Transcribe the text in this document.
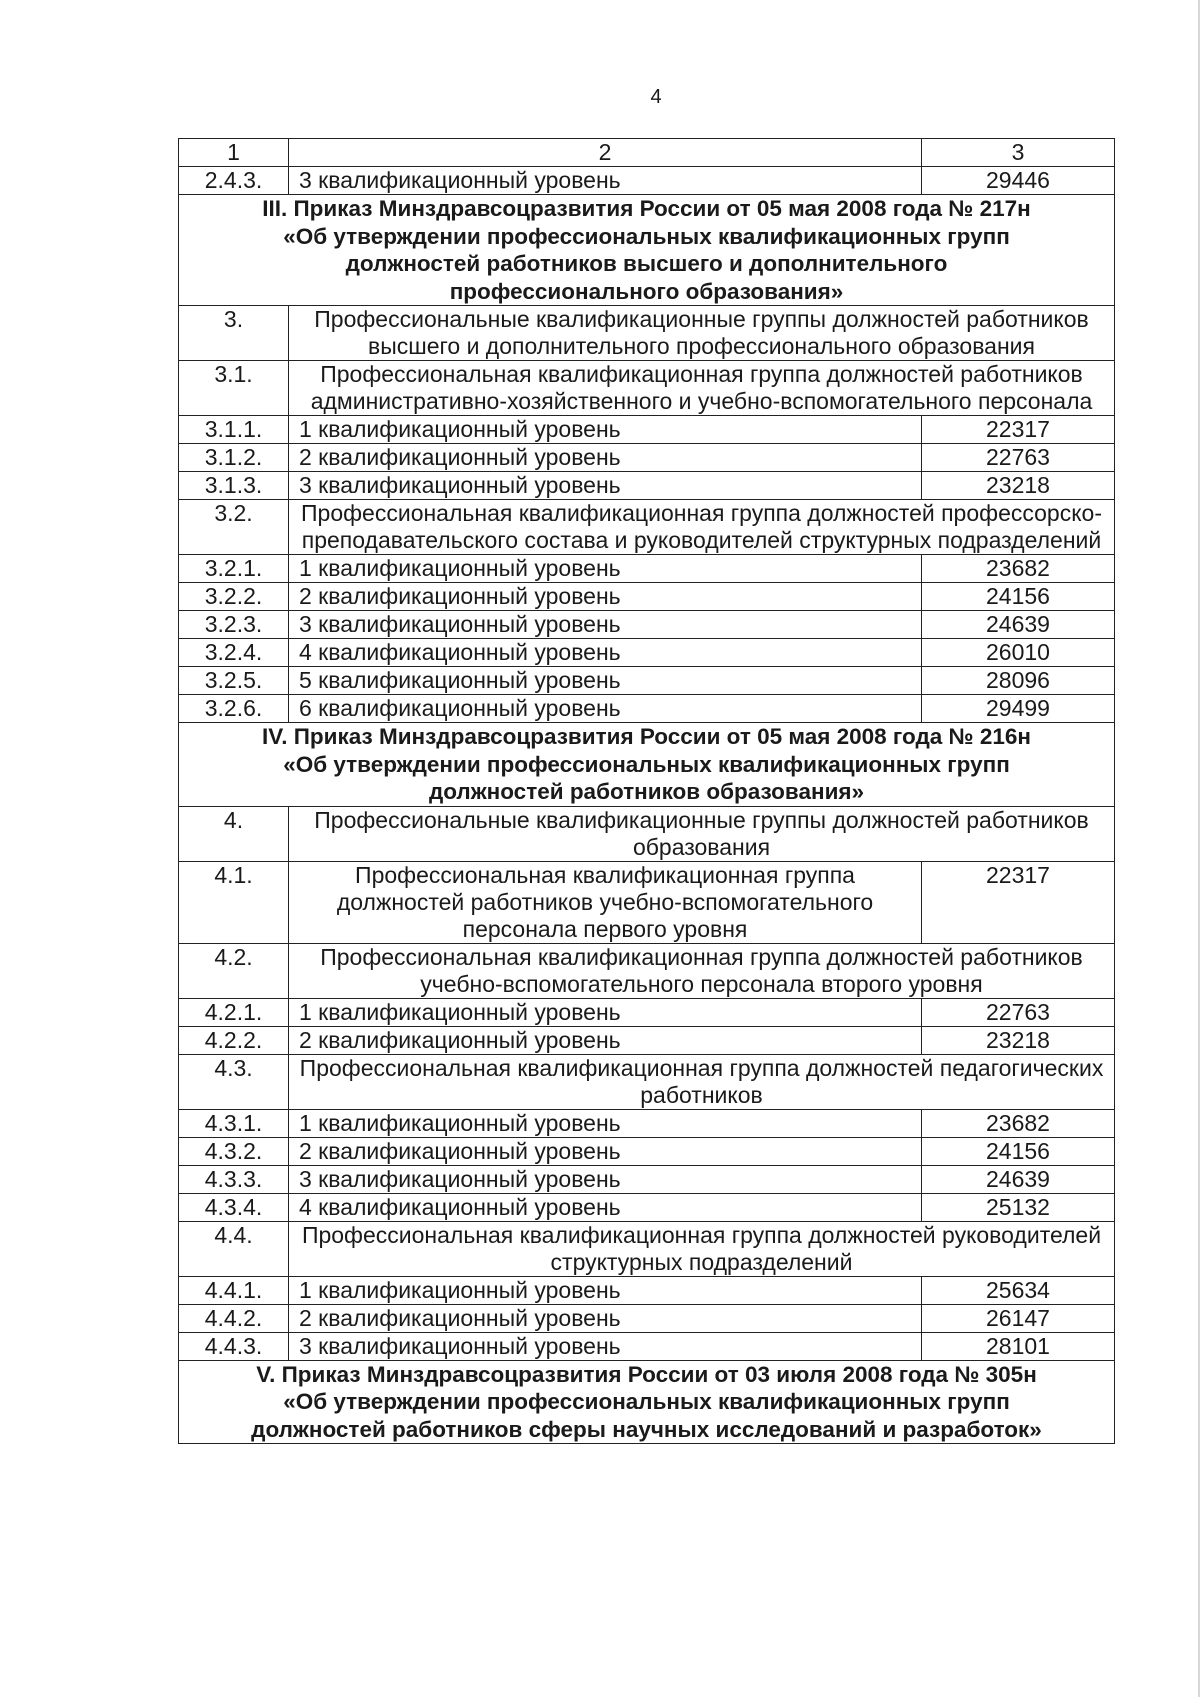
4
1	2	3
2.4.3.	3 квалификационный уровень	29446

III. Приказ Минздравсоцразвития России от 05 мая 2008 года № 217н
«Об утверждении профессиональных квалификационных групп
должностей работников высшего и дополнительного
профессионального образования»		

3.	Профессиональные квалификационные группы должностей работников высшего и дополнительного профессионального образования	
3.1.	Профессиональная квалификационная группа должностей работников административно-хозяйственного и учебно-вспомогательного персонала	
3.1.1.	1 квалификационный уровень	22317
3.1.2.	2 квалификационный уровень	22763
3.1.3.	3 квалификационный уровень	23218
3.2.	Профессиональная квалификационная группа должностей профессорско-преподавательского состава и руководителей структурных подразделений	
3.2.1.	1 квалификационный уровень	23682
3.2.2.	2 квалификационный уровень	24156
3.2.3.	3 квалификационный уровень	24639
3.2.4.	4 квалификационный уровень	26010
3.2.5.	5 квалификационный уровень	28096
3.2.6.	6 квалификационный уровень	29499

IV. Приказ Минздравсоцразвития России от 05 мая 2008 года № 216н
«Об утверждении профессиональных квалификационных групп
должностей работников образования»		

4.	Профессиональные квалификационные группы должностей работников образования	
4.1.	Профессиональная квалификационная группа должностей работников учебно-вспомогательного персонала первого уровня	22317
4.2.	Профессиональная квалификационная группа должностей работников учебно-вспомогательного персонала второго уровня	
4.2.1.	1 квалификационный уровень	22763
4.2.2.	2 квалификационный уровень	23218
4.3.	Профессиональная квалификационная группа должностей педагогических работников	
4.3.1.	1 квалификационный уровень	23682
4.3.2.	2 квалификационный уровень	24156
4.3.3.	3 квалификационный уровень	24639
4.3.4.	4 квалификационный уровень	25132
4.4.	Профессиональная квалификационная группа должностей руководителей структурных подразделений	
4.4.1.	1 квалификационный уровень	25634
4.4.2.	2 квалификационный уровень	26147
4.4.3.	3 квалификационный уровень	28101

V. Приказ Минздравсоцразвития России от 03 июля 2008 года № 305н
«Об утверждении профессиональных квалификационных групп
должностей работников сферы научных исследований и разработок»		
